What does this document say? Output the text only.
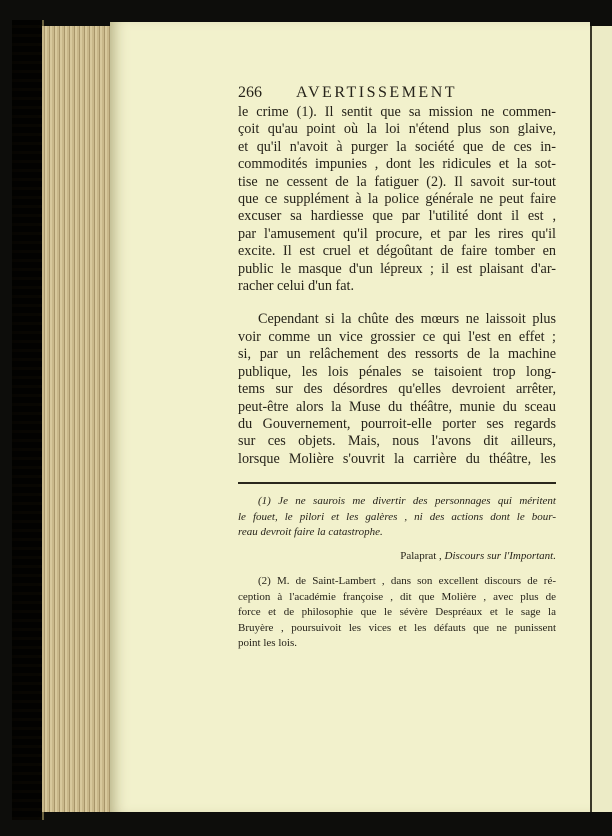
266	AVERTISSEMENT
le crime (1). Il sentit que sa mission ne commen-
çoit qu'au point où la loi n'étend plus son glaive,
et qu'il n'avoit à purger la société que de ces in-
commodités impunies , dont les ridicules et la sot-
tise ne cessent de la fatiguer (2). Il savoit sur-tout
que ce supplément à la police générale ne peut faire
excuser sa hardiesse que par l'utilité dont il est ,
par l'amusement qu'il procure, et par les rires qu'il
excite. Il est cruel et dégoûtant de faire tomber en
public le masque d'un lépreux ; il est plaisant d'ar-
racher celui d'un fat.
Cependant si la chûte des mœurs ne laissoit plus
voir comme un vice grossier ce qui l'est en effet ;
si, par un relâchement des ressorts de la machine
publique, les lois pénales se taisoient trop long-
tems sur des désordres qu'elles devroient arrêter,
peut-être alors la Muse du théâtre, munie du sceau
du Gouvernement, pourroit-elle porter ses regards
sur ces objets. Mais, nous l'avons dit ailleurs,
lorsque Molière s'ouvrit la carrière du théâtre, les
(1) Je ne saurois me divertir des personnages qui méritent
le fouet, le pilori et les galères , ni des actions dont le bour-
reau devroit faire la catastrophe.
Palaprat , Discours sur l'Important.
(2) M. de Saint-Lambert , dans son excellent discours de ré-
ception à l'académie françoise , dit que Molière , avec plus de
force et de philosophie que le sévère Despréaux et le sage la
Bruyère , poursuivoit les vices et les défauts que ne punissent
point les lois.
